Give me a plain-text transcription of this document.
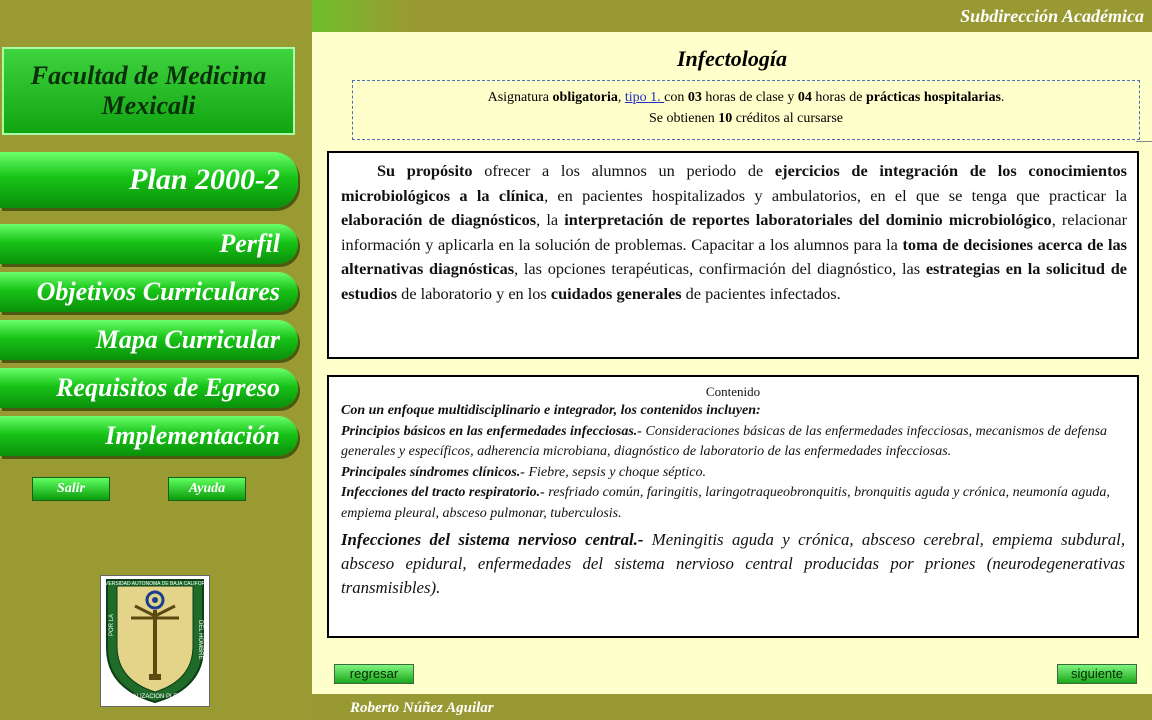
Subdirección Académica
Roberto Núñez Aguilar
Facultad de Medicina
Mexicali
Plan 2000-2
Perfil
Objetivos Curriculares
Mapa Curricular
Requisitos de Egreso
Implementación
Salir	Ayuda
UNIVERSIDAD AUTONOMA DE BAJA CALIFORNIA
POR LA
REALIZACION PLENA
DEL HOMBRE
Infectología
Asignatura obligatoria, tipo 1. con 03 horas de clase y 04 horas de prácticas hospitalarias.
Se obtienen 10 créditos al cursarse
Su propósito ofrecer a los alumnos un periodo de ejercicios de integración de los conocimientos microbiológicos a la clínica, en pacientes hospitalizados y ambulatorios, en el que se tenga que practicar la elaboración de diagnósticos, la interpretación de reportes laboratoriales del dominio microbiológico, relacionar información y aplicarla en la solución de problemas. Capacitar a los alumnos para la toma de decisiones acerca de las alternativas diagnósticas, las opciones terapéuticas, confirmación del diagnóstico, las estrategias en la solicitud de estudios de laboratorio y en los cuidados generales de pacientes infectados.
Contenido
Con un enfoque multidisciplinario e integrador, los contenidos incluyen:
Principios básicos en las enfermedades infecciosas.- Consideraciones básicas de las enfermedades infecciosas, mecanismos de defensa generales y específicos, adherencia microbiana, diagnóstico de laboratorio de las enfermedades infecciosas.
Principales síndromes clínicos.- Fiebre, sepsis y choque séptico.
Infecciones del tracto respiratorio.- resfriado común, faringitis, laringotraqueobronquitis, bronquitis aguda y crónica, neumonía aguda, empiema pleural, absceso pulmonar, tuberculosis.
Infecciones del sistema nervioso central.- Meningitis aguda y crónica, absceso cerebral, empiema subdural, absceso epidural, enfermedades del sistema nervioso central producidas por priones (neurodegenerativas transmisibles).
regresar	siguiente
